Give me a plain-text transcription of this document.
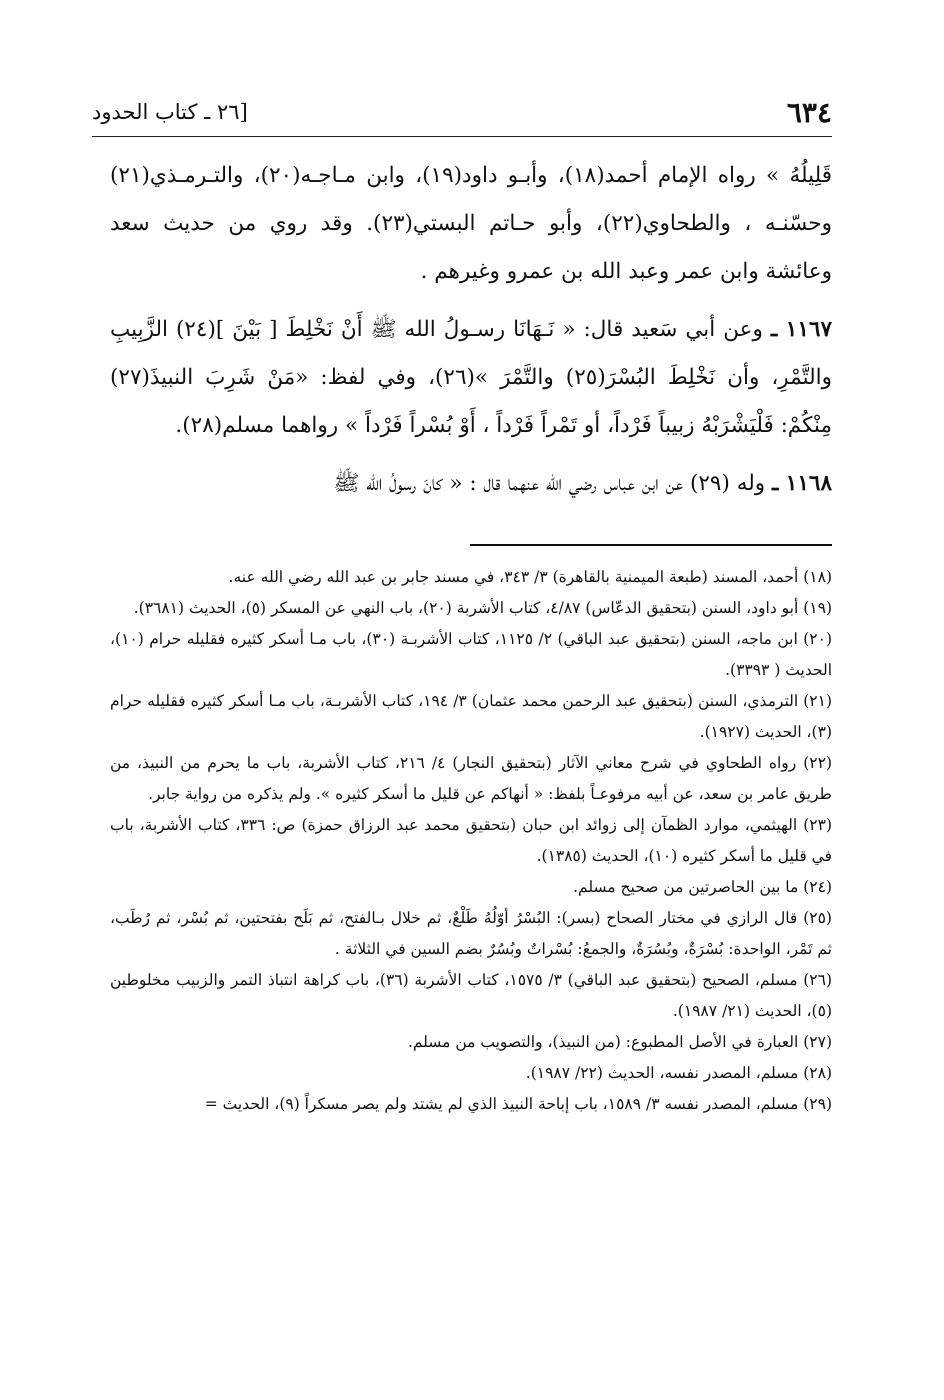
٦٣٤
[٢٦ ـ كتاب الحدود

قَلِيلُهُ » رواه الإمام أحمد(١٨)، وأبـو داود(١٩)، وابن مـاجـه(٢٠)، والتـرمـذي(٢١) وحسّنـه ، والطحاوي(٢٢)، وأبو حـاتم البستي(٢٣). وقد روي من حديث سعد وعائشة وابن عمر وعبد الله بن عمرو وغيرهم .

١١٦٧ ـ وعن أبي سَعيد قال: « نَـهَانَا رسـولُ الله ﷺ أَنْ نَخْلِطَ [ بَيْنَ ](٢٤) الزَّبِيبِ والتَّمْرِ، وأن نَخْلِطَ البُسْرَ(٢٥) والتَّمْرَ »(٢٦)، وفي لفظ: «مَنْ شَرِبَ النبيذَ(٢٧) مِنْكُمْ: فَلْيَشْرَبْهُ زبيباً فَرْداً، أو تَمْراً فَرْداً ، أَوْ بُسْراً فَرْداً » رواهما مسلم(٢٨).

١١٦٨ ـ وله (٢٩) عن ابن عباس رضي الله عنهما قال : « كانَ رسولُ الله ﷺ

(١٨) أحمد، المسند (طبعة الميمنية بالقاهرة) ٣/ ٣٤٣، في مسند جابر بن عبد الله رضي الله عنه.

(١٩) أبو داود، السنن (بتحقيق الدعّاس) ٤/٨٧، كتاب الأشربة (٢٠)، باب النهي عن المسكر (٥)، الحديث (٣٦٨١).

(٢٠) ابن ماجه، السنن (بتحقيق عبد الباقي) ٢/ ١١٢٥، كتاب الأشربـة (٣٠)، باب مـا أسكر كثيره فقليله حرام (١٠)، الحديث ( ٣٣٩٣).

(٢١) الترمذي، السنن (بتحقيق عبد الرحمن محمد عثمان) ٣/ ١٩٤، كتاب الأشربـة، باب مـا أسكر كثيره فقليله حرام (٣)، الحديث (١٩٢٧).

(٢٢) رواه الطحاوي في شرح معاني الآثار (بتحقيق النجار) ٤/ ٢١٦، كتاب الأشربة، باب ما يحرم من النبيذ، من طريق عامر بن سعد، عن أبيه مرفوعـاً بلفظ: « أنهاكم عن قليل ما أسكر كثيره ». ولم يذكره من رواية جابر.

(٢٣) الهيثمي، موارد الظمآن إلى زوائد ابن حبان (بتحقيق محمد عبد الرزاق حمزة) ص: ٣٣٦، كتاب الأشربة، باب في قليل ما أسكر كثيره (١٠)، الحديث (١٣٨٥).

(٢٤) ما بين الحاصرتين من صحيح مسلم.

(٢٥) قال الرازي في مختار الصحاح (بسر): البُسْرُ أوّلُهُ طَلْعٌ، ثم خلال بـالفتح، ثم بَلَح بفتحتين، ثم بُسْر، ثم رُطَب، ثم تَمْر، الواحدة: بُسْرَةٌ، وبُسُرَةٌ، والجمعُ: بُسْراتٌ وبُسُرٌ بضم السين في الثلاثة .

(٢٦) مسلم، الصحيح (بتحقيق عبد الباقي) ٣/ ١٥٧٥، كتاب الأشربة (٣٦)، باب كراهة انتباذ التمر والزبيب مخلوطين (٥)، الحديث (٢١/ ١٩٨٧).

(٢٧) العبارة في الأصل المطبوع: (من النبيذ)، والتصويب من مسلم.

(٢٨) مسلم، المصدر نفسه، الحديث (٢٢/ ١٩٨٧).

(٢٩) مسلم، المصدر نفسه ٣/ ١٥٨٩، باب إباحة النبيذ الذي لم يشتد ولم يصر مسكراً (٩)، الحديث =
